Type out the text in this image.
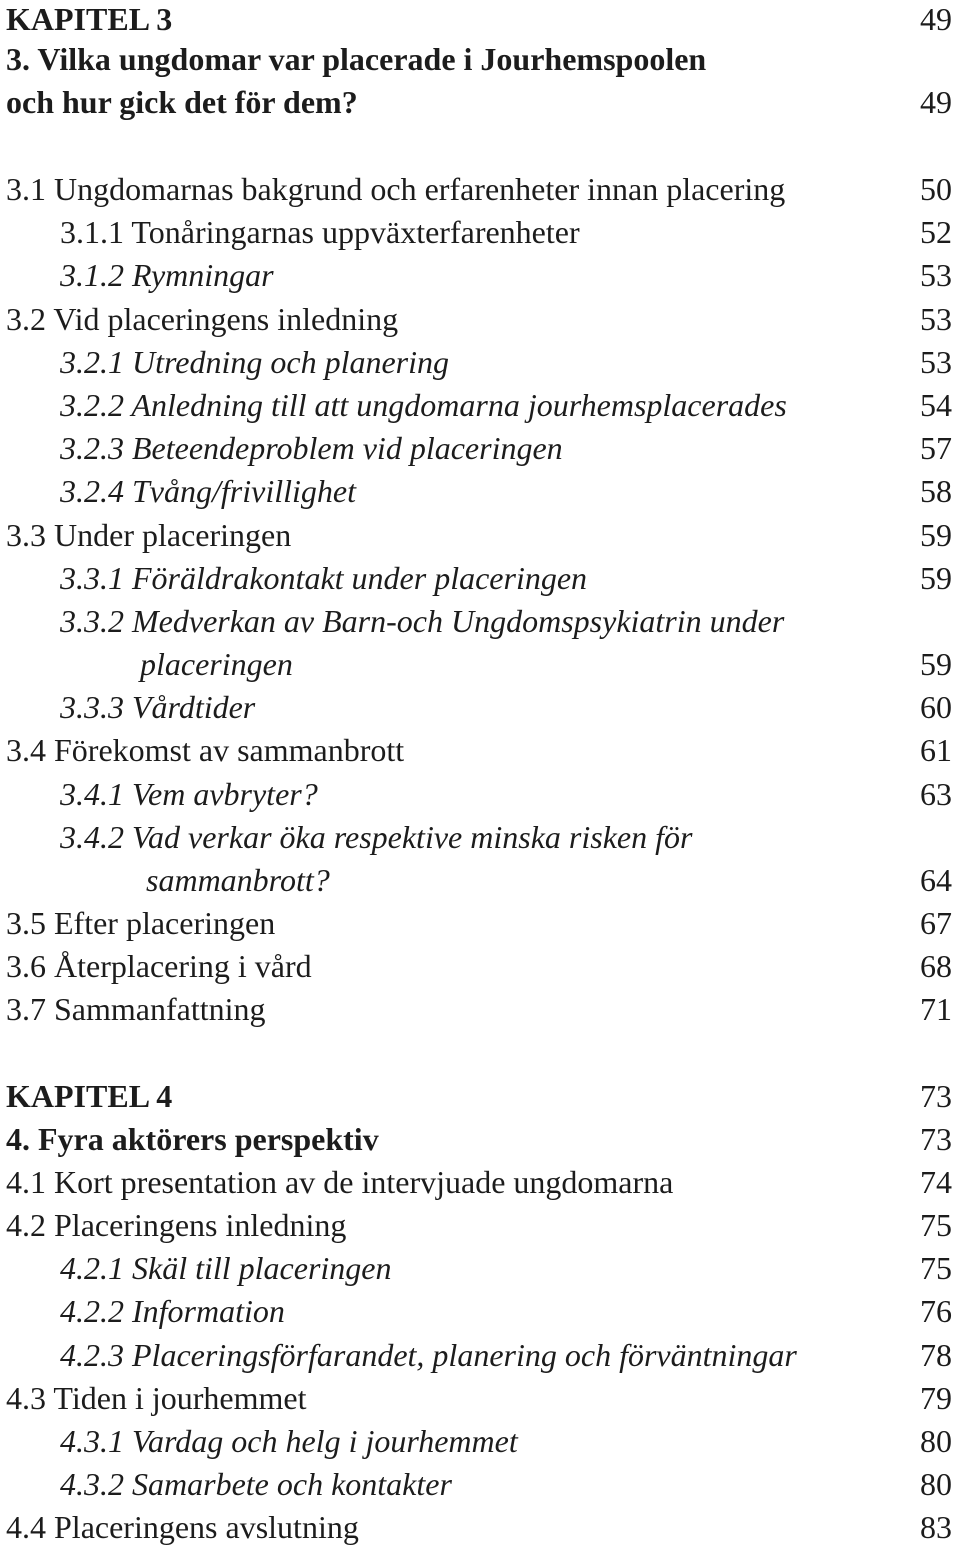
KAPITEL 3	49
3. Vilka ungdomar var placerade i Jourhemspoolen
och hur gick det för dem?	49
3.1 Ungdomarnas bakgrund och erfarenheter innan placering	50
3.1.1 Tonåringarnas uppväxterfarenheter	52
3.1.2 Rymningar	53
3.2 Vid placeringens inledning	53
3.2.1 Utredning och planering	53
3.2.2 Anledning till att ungdomarna jourhemsplacerades	54
3.2.3 Beteendeproblem vid placeringen	57
3.2.4 Tvång/frivillighet	58
3.3 Under placeringen	59
3.3.1 Föräldrakontakt under placeringen	59
3.3.2 Medverkan av Barn-och Ungdomspsykiatrin under
placeringen	59
3.3.3 Vårdtider	60
3.4 Förekomst av sammanbrott	61
3.4.1 Vem avbryter?	63
3.4.2 Vad verkar öka respektive minska risken för
sammanbrott?	64
3.5 Efter placeringen	67
3.6 Återplacering i vård	68
3.7 Sammanfattning	71
KAPITEL 4	73
4. Fyra aktörers perspektiv	73
4.1 Kort presentation av de intervjuade ungdomarna	74
4.2 Placeringens inledning	75
4.2.1 Skäl till placeringen	75
4.2.2 Information	76
4.2.3 Placeringsförfarandet, planering och förväntningar	78
4.3 Tiden i jourhemmet	79
4.3.1 Vardag och helg i jourhemmet	80
4.3.2 Samarbete och kontakter	80
4.4 Placeringens avslutning	83
